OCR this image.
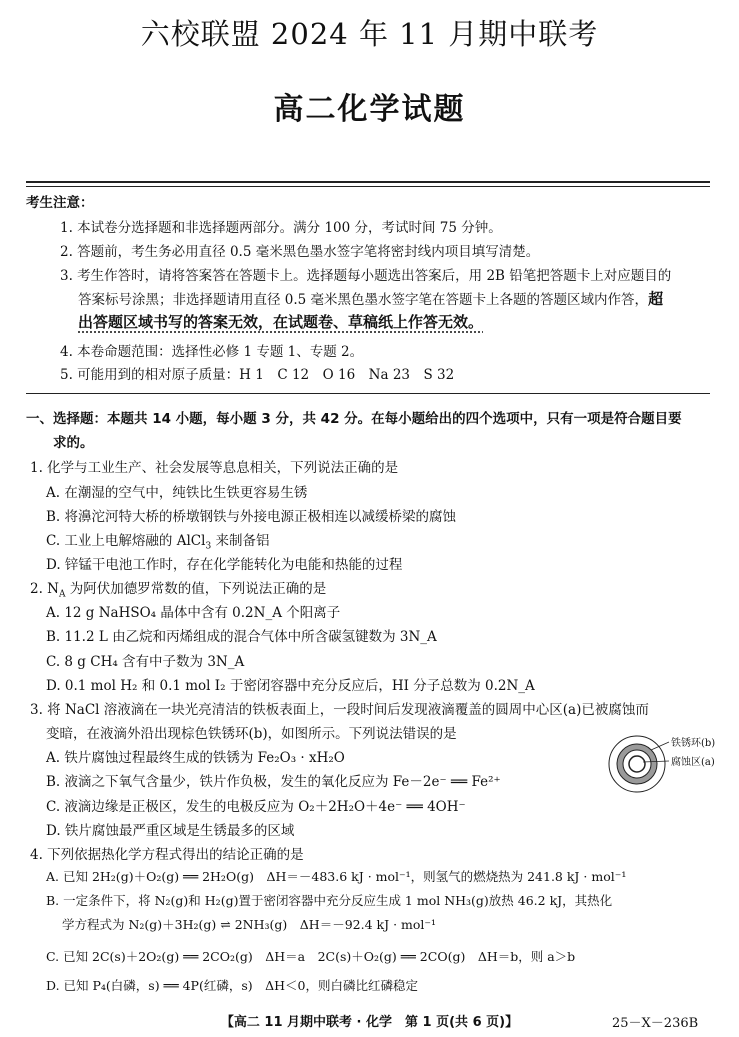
六校联盟 2024 年 11 月期中联考
高二化学试题
考生注意：
1. 本试卷分选择题和非选择题两部分。满分 100 分，考试时间 75 分钟。
2. 答题前，考生务必用直径 0.5 毫米黑色墨水签字笔将密封线内项目填写清楚。
3. 考生作答时，请将答案答在答题卡上。选择题每小题选出答案后，用 2B 铅笔把答题卡上对应题目的
答案标号涂黑；非选择题请用直径 0.5 毫米黑色墨水签字笔在答题卡上各题的答题区域内作答，超
出答题区域书写的答案无效，在试题卷、草稿纸上作答无效。
4. 本卷命题范围：选择性必修 1 专题 1、专题 2。
5. 可能用到的相对原子质量：H 1　C 12　O 16　Na 23　S 32
一、选择题：本题共 14 小题，每小题 3 分，共 42 分。在每小题给出的四个选项中，只有一项是符合题目要
求的。
1. 化学与工业生产、社会发展等息息相关，下列说法正确的是
A. 在潮湿的空气中，纯铁比生铁更容易生锈
B. 将濞沱河特大桥的桥墩钢铁与外接电源正极相连以减缓桥梁的腐蚀
C. 工业上电解熔融的 AlCl$_3$ 来制备铝
D. 锌锰干电池工作时，存在化学能转化为电能和热能的过程
2. $N_A$ 为阿伏加德罗常数的值，下列说法正确的是
A. 12 g NaHSO₄ 晶体中含有 0.2N_A 个阳离子
B. 11.2 L 由乙烷和丙烯组成的混合气体中所含碳氢键数为 3N_A
C. 8 g CH₄ 含有中子数为 3N_A
D. 0.1 mol H₂ 和 0.1 mol I₂ 于密闭容器中充分反应后，HI 分子总数为 0.2N_A
3. 将 NaCl 溶液滴在一块光亮清洁的铁板表面上，一段时间后发现液滴覆盖的圆周中心区(a)已被腐蚀而
变暗，在液滴外沿出现棕色铁锈环(b)，如图所示。下列说法错误的是
A. 铁片腐蚀过程最终生成的铁锈为 Fe₂O₃ · xH₂O
B. 液滴之下氧气含量少，铁片作负极，发生的氧化反应为 Fe－2e⁻ ══ Fe²⁺
C. 液滴边缘是正极区，发生的电极反应为 O₂＋2H₂O＋4e⁻ ══ 4OH⁻
D. 铁片腐蚀最严重区域是生锈最多的区域
铁锈环(b)
腐蚀区(a)
4. 下列依据热化学方程式得出的结论正确的是
A. 已知 2H₂(g)＋O₂(g) ══ 2H₂O(g)　ΔH＝－483.6 kJ · mol⁻¹，则氢气的燃烧热为 241.8 kJ · mol⁻¹
B. 一定条件下，将 N₂(g)和 H₂(g)置于密闭容器中充分反应生成 1 mol NH₃(g)放热 46.2 kJ，其热化
学方程式为 N₂(g)＋3H₂(g) ⇌ 2NH₃(g)　ΔH＝－92.4 kJ · mol⁻¹
C. 已知 2C(s)＋2O₂(g) ══ 2CO₂(g)　ΔH＝a　2C(s)＋O₂(g) ══ 2CO(g)　ΔH＝b，则 a＞b
D. 已知 P₄(白磷，s) ══ 4P(红磷，s)　ΔH＜0，则白磷比红磷稳定
【高二 11 月期中联考 · 化学　第 1 页(共 6 页)】	25－X－236B
